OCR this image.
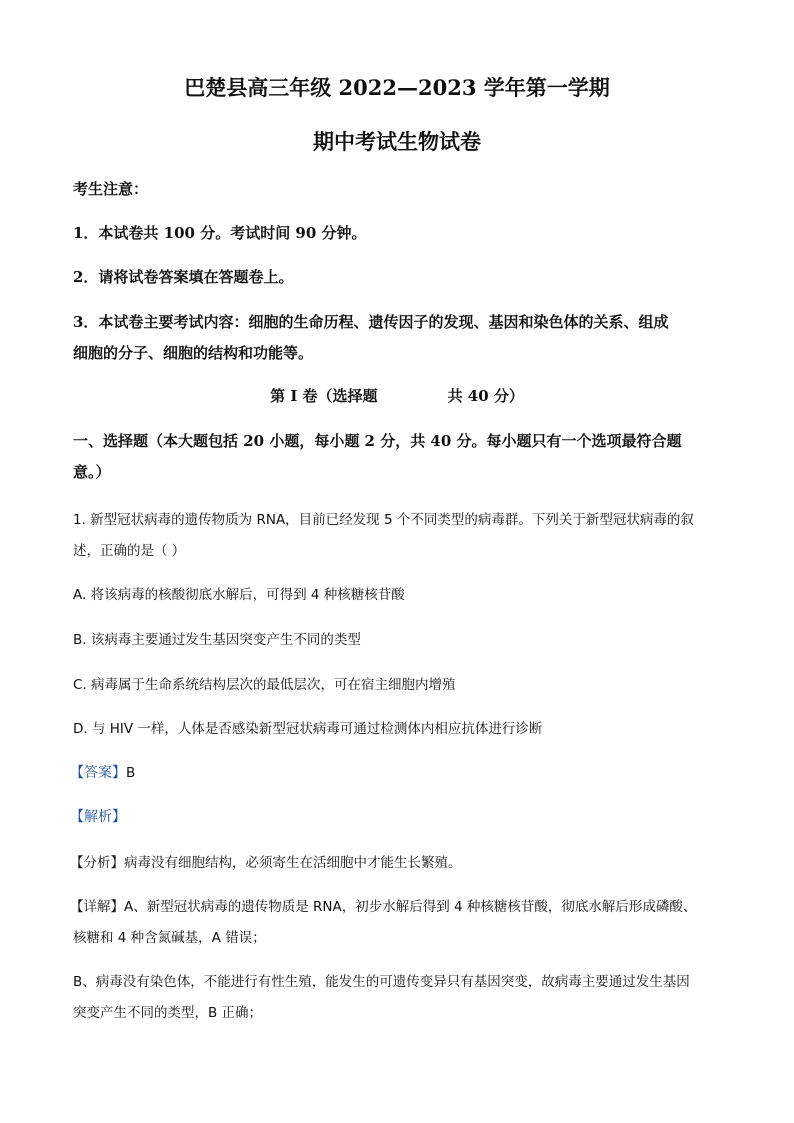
巴楚县高三年级 2022—2023 学年第一学期
期中考试生物试卷
考生注意：
1．本试卷共 100 分。考试时间 90 分钟。
2．请将试卷答案填在答题卷上。
3．本试卷主要考试内容：细胞的生命历程、遗传因子的发现、基因和染色体的关系、组成
细胞的分子、细胞的结构和功能等。
第 I 卷（选择题	共 40 分）
一、选择题（本大题包括 20 小题，每小题 2 分，共 40 分。每小题只有一个选项最符合题
意。）
1. 新型冠状病毒的遗传物质为 RNA，目前已经发现 5 个不同类型的病毒群。下列关于新型冠状病毒的叙
述，正确的是（ ）
A. 将该病毒的核酸彻底水解后，可得到 4 种核糖核苷酸
B. 该病毒主要通过发生基因突变产生不同的类型
C. 病毒属于生命系统结构层次的最低层次，可在宿主细胞内增殖
D. 与 HIV 一样，人体是否感染新型冠状病毒可通过检测体内相应抗体进行诊断
【答案】B
【解析】
【分析】病毒没有细胞结构，必须寄生在活细胞中才能生长繁殖。
【详解】A、新型冠状病毒的遗传物质是 RNA，初步水解后得到 4 种核糖核苷酸，彻底水解后形成磷酸、
核糖和 4 种含氮碱基，A 错误；
B、病毒没有染色体，不能进行有性生殖，能发生的可遗传变异只有基因突变，故病毒主要通过发生基因
突变产生不同的类型，B 正确；
